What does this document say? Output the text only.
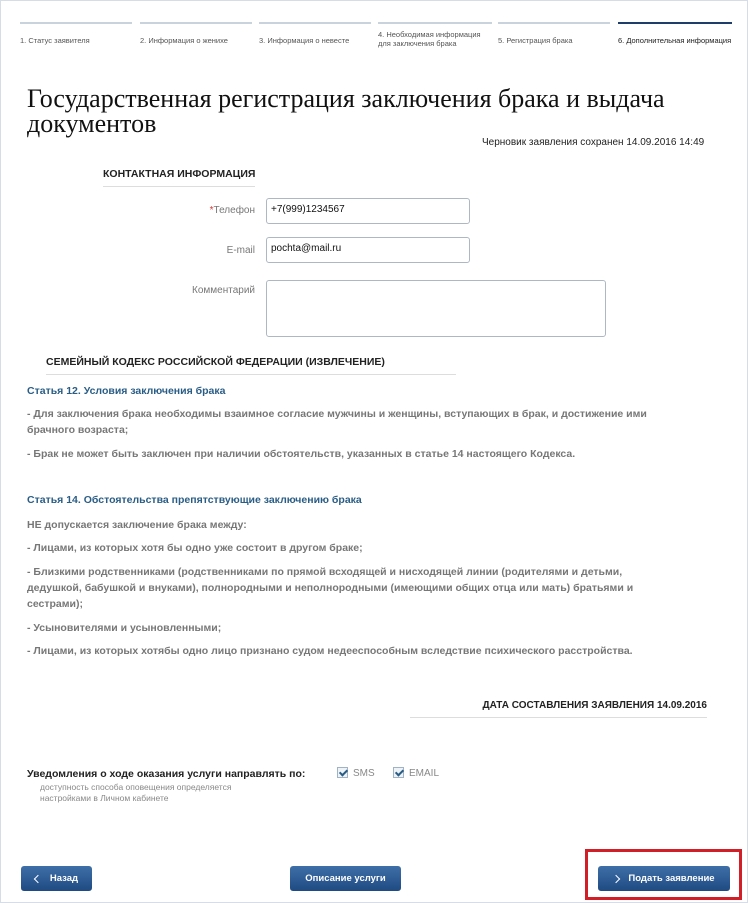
1. Статус заявителя	2. Информация о женихе	3. Информация о невесте
4. Необходимая информация для заключения брака	5. Регистрация брака	6. Дополнительная информация
Государственная регистрация заключения брака и выдача документов
Черновик заявления сохранен 14.09.2016 14:49
КОНТАКТНАЯ ИНФОРМАЦИЯ
*Телефон	+7(999)1234567
E-mail	pochta@mail.ru
Комментарий
СЕМЕЙНЫЙ КОДЕКС РОССИЙСКОЙ ФЕДЕРАЦИИ (ИЗВЛЕЧЕНИЕ)
Статья 12. Условия заключения брака
- Для заключения брака необходимы взаимное согласие мужчины и женщины, вступающих в брак, и достижение ими брачного возраста;
- Брак не может быть заключен при наличии обстоятельств, указанных в статье 14 настоящего Кодекса.
Статья 14. Обстоятельства препятствующие заключению брака
НЕ допускается заключение брака между:
- Лицами, из которых хотя бы одно уже состоит в другом браке;
- Близкими родственниками (родственниками по прямой всходящей и нисходящей линии (родителями и детьми, дедушкой, бабушкой и внуками), полнородными и неполнородными (имеющими общих отца или мать) братьями и сестрами);
- Усыновителями и усыновленными;
- Лицами, из которых хотябы одно лицо признано судом недееспособным вследствие психического расстройства.
ДАТА СОСТАВЛЕНИЯ ЗАЯВЛЕНИЯ 14.09.2016
Уведомления о ходе оказания услуги направлять по:	SMS	EMAIL
доступность способа оповещения определяется
настройками в Личном кабинете
Назад	Описание услуги	Подать заявление
